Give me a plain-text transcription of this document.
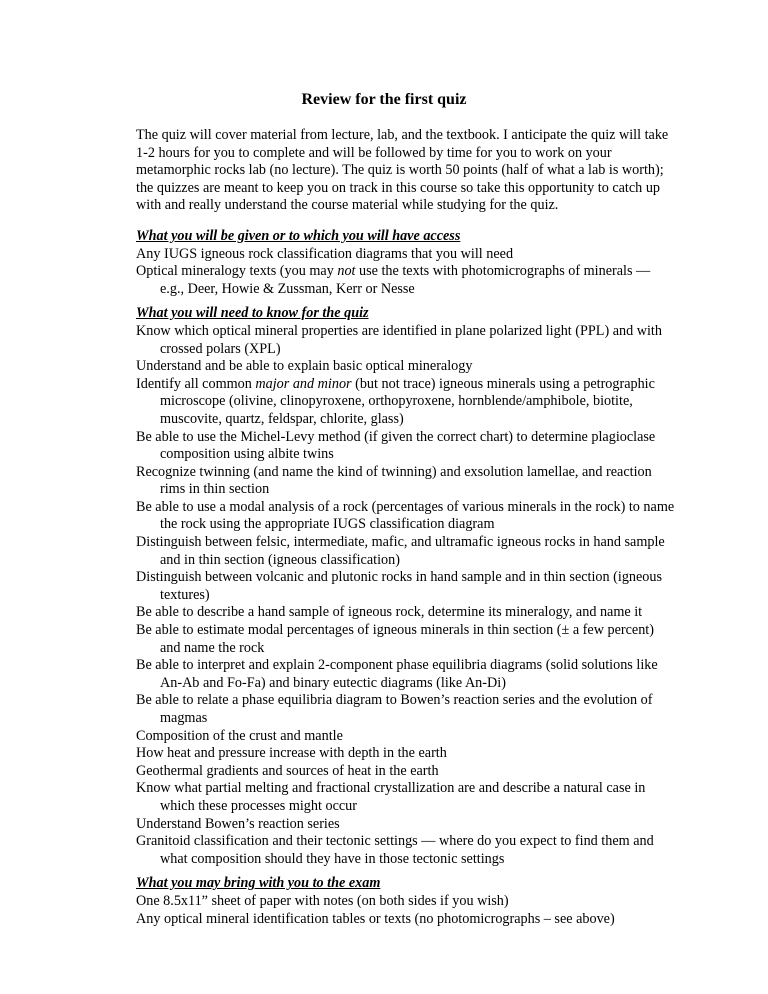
Review for the first quiz
The quiz will cover material from lecture, lab, and the textbook. I anticipate the quiz will take 1-2 hours for you to complete and will be followed by time for you to work on your metamorphic rocks lab (no lecture). The quiz is worth 50 points (half of what a lab is worth); the quizzes are meant to keep you on track in this course so take this opportunity to catch up with and really understand the course material while studying for the quiz.
What you will be given or to which you will have access
Any IUGS igneous rock classification diagrams that you will need
Optical mineralogy texts (you may not use the texts with photomicrographs of minerals — e.g., Deer, Howie & Zussman, Kerr or Nesse
What you will need to know for the quiz
Know which optical mineral properties are identified in plane polarized light (PPL) and with crossed polars (XPL)
Understand and be able to explain basic optical mineralogy
Identify all common major and minor (but not trace) igneous minerals using a petrographic microscope (olivine, clinopyroxene, orthopyroxene, hornblende/amphibole, biotite, muscovite, quartz, feldspar, chlorite, glass)
Be able to use the Michel-Levy method (if given the correct chart) to determine plagioclase composition using albite twins
Recognize twinning (and name the kind of twinning) and exsolution lamellae, and reaction rims in thin section
Be able to use a modal analysis of a rock (percentages of various minerals in the rock) to name the rock using the appropriate IUGS classification diagram
Distinguish between felsic, intermediate, mafic, and ultramafic igneous rocks in hand sample and in thin section (igneous classification)
Distinguish between volcanic and plutonic rocks in hand sample and in thin section (igneous textures)
Be able to describe a hand sample of igneous rock, determine its mineralogy, and name it
Be able to estimate modal percentages of igneous minerals in thin section (± a few percent) and name the rock
Be able to interpret and explain 2-component phase equilibria diagrams (solid solutions like An-Ab and Fo-Fa) and binary eutectic diagrams (like An-Di)
Be able to relate a phase equilibria diagram to Bowen’s reaction series and the evolution of magmas
Composition of the crust and mantle
How heat and pressure increase with depth in the earth
Geothermal gradients and sources of heat in the earth
Know what partial melting and fractional crystallization are and describe a natural case in which these processes might occur
Understand Bowen’s reaction series
Granitoid classification and their tectonic settings — where do you expect to find them and what composition should they have in those tectonic settings
What you may bring with you to the exam
One 8.5x11” sheet of paper with notes (on both sides if you wish)
Any optical mineral identification tables or texts (no photomicrographs – see above)
